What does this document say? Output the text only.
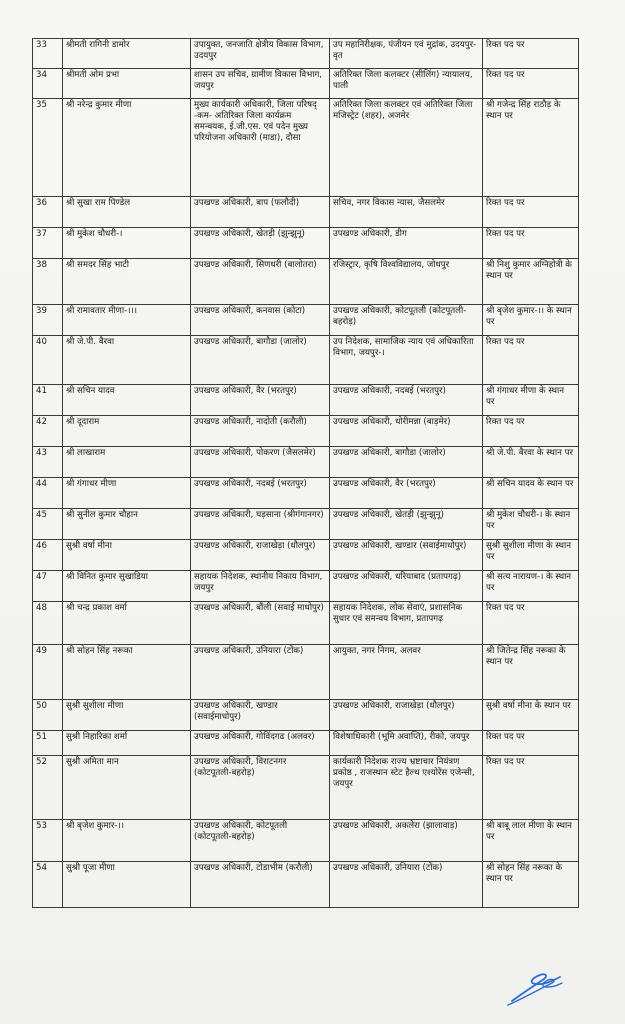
33	श्रीमती रागिनी डामोर	उपायुक्त, जनजाति क्षेत्रीय विकास विभाग, उदयपुर	उप महानिरीक्षक, पंजीयन एवं मुद्रांक, उदयपुर-वृत	रिक्त पद पर
34	श्रीमती ओम प्रभा	शासन उप सचिव, ग्रामीण विकास विभाग, जयपुर	अतिरिक्त जिला कलक्टर (सीलिंग) न्यायालय, पाली	रिक्त पद पर
35	श्री नरेन्द्र कुमार मीणा	मुख्य कार्यकारी अधिकारी, जिला परिषद् -कम- अतिरिक्त जिला कार्यक्रम समन्वयक, ई.जी.एस. एवं पदेन मुख्य परियोजना अधिकारी (माडा), दौसा	अतिरिक्त जिला कलक्टर एवं अतिरिक्त जिला मजिस्ट्रेट (शहर), अजमेर	श्री गजेन्द्र सिंह राठौड़ के स्थान पर
36	श्री सुखा राम पिण्डेल	उपखण्ड अधिकारी, बाप (फलौदी)	सचिव, नगर विकास न्यास, जैसलमेर	रिक्त पद पर
37	श्री मुकेश चौधरी-।	उपखण्ड अधिकारी, खेतड़ी (झुन्झुनू)	उपखण्ड अधिकारी, डीग	रिक्त पद पर
38	श्री समदर सिंह भाटी	उपखण्ड अधिकारी, सिणधरी (बालोतरा)	रजिस्ट्रार, कृषि विश्वविद्यालय, जोधपुर	श्री निशु कुमार अग्निहोत्री के स्थान पर
39	श्री रामावतार मीणा-।।।	उपखण्ड अधिकारी, कनवास (कोटा)	उपखण्ड अधिकारी, कोटपूतली (कोटपूतली-बहरोड़)	श्री बृजेश कुमार-।। के स्थान पर
40	श्री जे.पी. बैरवा	उपखण्ड अधिकारी, बागौडा (जालोर)	उप निदेशक, सामाजिक न्याय एवं अधिकारिता विभाग, जयपुर-।	रिक्त पद पर
41	श्री सचिन यादव	उपखण्ड अधिकारी, वैर (भरतपुर)	उपखण्ड अधिकारी, नदबई (भरतपुर)	श्री गंगाधर मीणा के स्थान पर
42	श्री दूदाराम	उपखण्ड अधिकारी, नादोती (करौली)	उपखण्ड अधिकारी, धोरीमन्ना (बाड़मेर)	रिक्त पद पर
43	श्री लाखाराम	उपखण्ड अधिकारी, पोकरण (जैसलमेर)	उपखण्ड अधिकारी, बागौडा (जालोर)	श्री जे.पी. बैरवा के स्थान पर
44	श्री गंगाधर मीणा	उपखण्ड अधिकारी, नदबई (भरतपुर)	उपखण्ड अधिकारी, वैर (भरतपुर)	श्री सचिन यादव के स्थान पर
45	श्री सुनील कुमार चौहान	उपखण्ड अधिकारी, घड़साना (श्रीगंगानगर)	उपखण्ड अधिकारी, खेतड़ी (झुन्झुनू)	श्री मुकेश चौधरी-। के स्थान पर
46	सुश्री वर्षा मीना	उपखण्ड अधिकारी, राजाखेड़ा (धौलपुर)	उपखण्ड अधिकारी, खण्डार (सवाईमाधोपुर)	सुश्री सुशीला मीणा के स्थान पर
47	श्री विनित कुमार सुखाडिया	सहायक निदेशक, स्थानीय निकाय विभाग, जयपुर	उपखण्ड अधिकारी, धरियाबाद (प्रतापगढ़)	श्री सत्य नारायण-। के स्थान पर
48	श्री चन्द्र प्रकाश वर्मा	उपखण्ड अधिकारी, बौंली (सवाई माधोपुर)	सहायक निदेशक, लोक सेवाएं, प्रशासनिक सुधार एवं समन्वय विभाग, प्रतापगढ़	रिक्त पद पर
49	श्री सोहन सिंह नरूका	उपखण्ड अधिकारी, उनियारा (टोंक)	आयुक्त, नगर निगम, अलवर	श्री जितेन्द्र सिंह नरूका के स्थान पर
50	सुश्री सुशीला मीणा	उपखण्ड अधिकारी, खण्डार (सवाईमाधोपुर)	उपखण्ड अधिकारी, राजाखेड़ा (धौलपुर)	सुश्री वर्षा मीना के स्थान पर
51	सुश्री निहारिका शर्मा	उपखण्ड अधिकारी, गोविंदगढ (अलवर)	विशेषाधिकारी (भूमि अवाप्ति), रीको, जयपुर	रिक्त पद पर
52	सुश्री अमिता मान	उपखण्ड अधिकारी, विराटनगर (कोटपूतली-बहरोड़)	कार्यकारी निदेशक राज्य भ्रष्टाचार नियंत्रण प्रकोष्ठ , राजस्थान स्टेट हैल्थ एश्योरेंस एजेन्सी, जयपुर	रिक्त पद पर
53	श्री बृजेश कुमार-।।	उपखण्ड अधिकारी, कोटपूतली (कोटपूतली-बहरोड़)	उपखण्ड अधिकारी, अकलेरा (झालावाड़)	श्री बाबू लाल मीणा के स्थान पर
54	सुश्री पूजा मीणा	उपखण्ड अधिकारी, टोडाभीम (करौली)	उपखण्ड अधिकारी, उनियारा (टोंक)	श्री सोहन सिंह नरूका के स्थान पर
